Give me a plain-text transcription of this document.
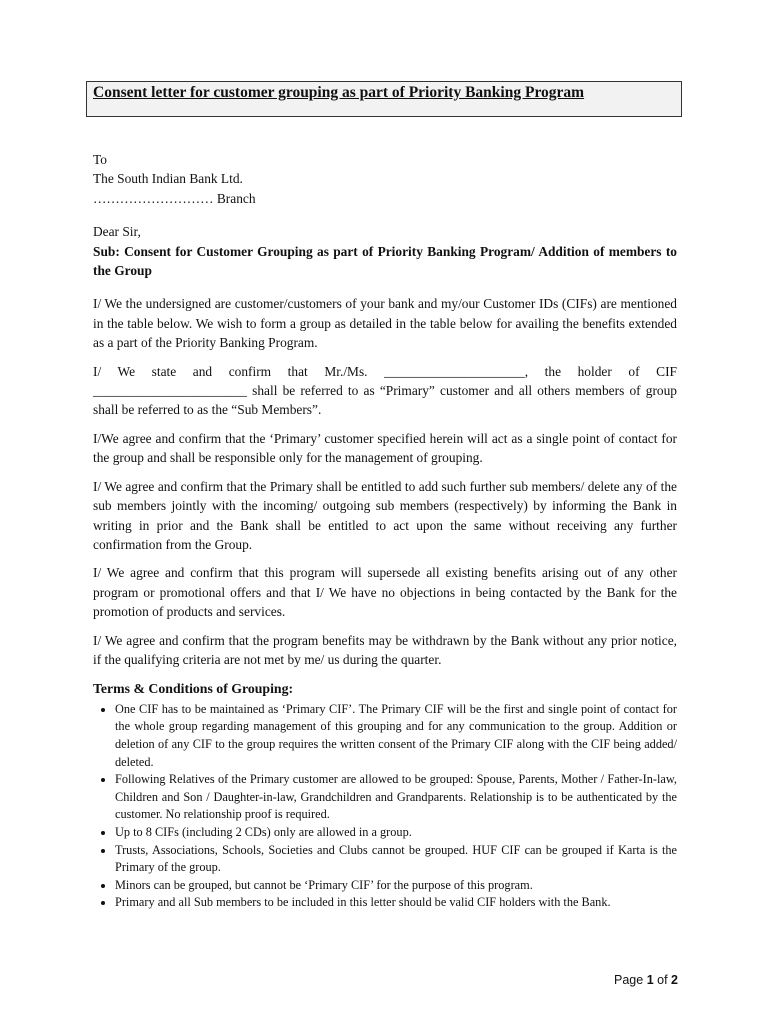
Consent letter for customer grouping as part of Priority Banking Program

To

The South Indian Bank Ltd.

……………………… Branch

Dear Sir,

Sub: Consent for Customer Grouping as part of Priority Banking Program/ Addition of members to the Group

I/ We the undersigned are customer/customers of your bank and my/our Customer IDs (CIFs) are mentioned in the table below. We wish to form a group as detailed in the table below for availing the benefits extended as a part of the Priority Banking Program.

I/ We state and confirm that Mr./Ms. _____________________, the holder of CIF _______________________ shall be referred to as “Primary” customer and all others members of group shall be referred to as the “Sub Members”.

I/We agree and confirm that the ‘Primary’ customer specified herein will act as a single point of contact for the group and shall be responsible only for the management of grouping.

I/ We agree and confirm that the Primary shall be entitled to add such further sub members/ delete any of the sub members jointly with the incoming/ outgoing sub members (respectively) by informing the Bank in writing in prior and the Bank shall be entitled to act upon the same without receiving any further confirmation from the Group.

I/ We agree and confirm that this program will supersede all existing benefits arising out of any other program or promotional offers and that I/ We have no objections in being contacted by the Bank for the promotion of products and services.

I/ We agree and confirm that the program benefits may be withdrawn by the Bank without any prior notice, if the qualifying criteria are not met by me/ us during the quarter.

Terms & Conditions of Grouping:

• One CIF has to be maintained as ‘Primary CIF’. The Primary CIF will be the first and single point of contact for the whole group regarding management of this grouping and for any communication to the group. Addition or deletion of any CIF to the group requires the written consent of the Primary CIF along with the CIF being added/ deleted.
• Following Relatives of the Primary customer are allowed to be grouped: Spouse, Parents, Mother / Father-In-law, Children and Son / Daughter-in-law, Grandchildren and Grandparents. Relationship is to be authenticated by the customer. No relationship proof is required.
• Up to 8 CIFs (including 2 CDs) only are allowed in a group.
• Trusts, Associations, Schools, Societies and Clubs cannot be grouped. HUF CIF can be grouped if Karta is the Primary of the group.
• Minors can be grouped, but cannot be ‘Primary CIF’ for the purpose of this program.
• Primary and all Sub members to be included in this letter should be valid CIF holders with the Bank.
Page 1 of 2
